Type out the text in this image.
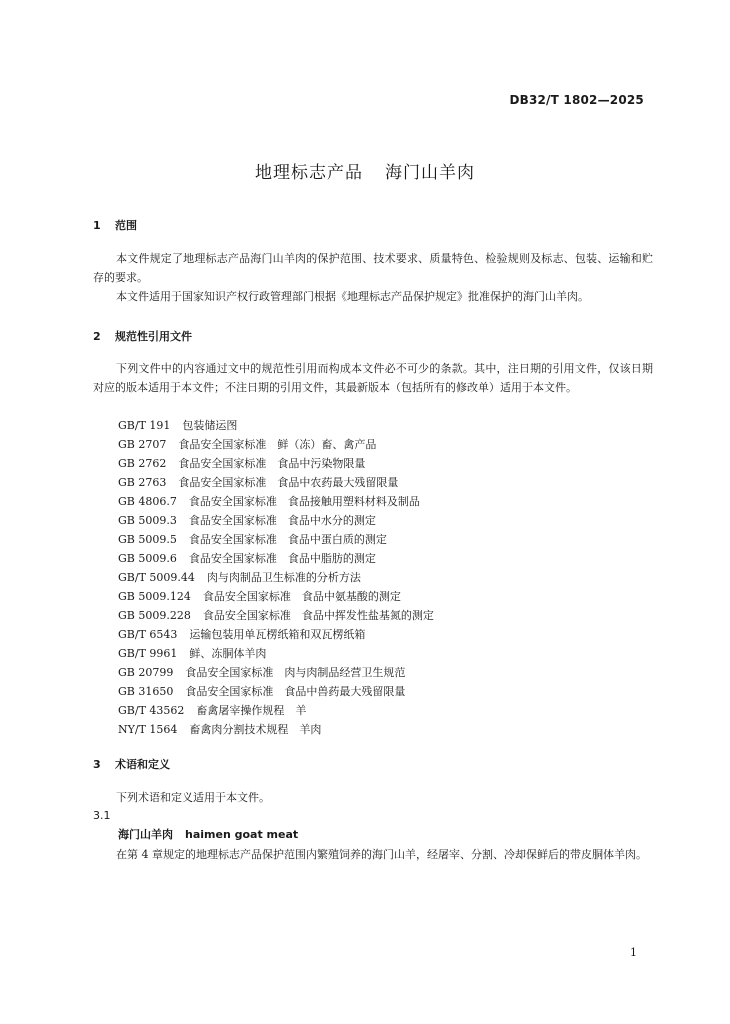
DB32/T 1802—2025
地理标志产品 海门山羊肉
1 范围
本文件规定了地理标志产品海门山羊肉的保护范围、技术要求、质量特色、检验规则及标志、包装、运输和贮存的要求。
本文件适用于国家知识产权行政管理部门根据《地理标志产品保护规定》批准保护的海门山羊肉。
2 规范性引用文件
下列文件中的内容通过文中的规范性引用而构成本文件必不可少的条款。其中，注日期的引用文件，仅该日期对应的版本适用于本文件；不注日期的引用文件，其最新版本（包括所有的修改单）适用于本文件。
GB/T 191 包装储运图
GB 2707 食品安全国家标准　鲜（冻）畜、禽产品
GB 2762 食品安全国家标准　食品中污染物限量
GB 2763 食品安全国家标准　食品中农药最大残留限量
GB 4806.7 食品安全国家标准　食品接触用塑料材料及制品
GB 5009.3 食品安全国家标准　食品中水分的测定
GB 5009.5 食品安全国家标准　食品中蛋白质的测定
GB 5009.6 食品安全国家标准　食品中脂肪的测定
GB/T 5009.44 肉与肉制品卫生标准的分析方法
GB 5009.124 食品安全国家标准　食品中氨基酸的测定
GB 5009.228 食品安全国家标准　食品中挥发性盐基氮的测定
GB/T 6543 运输包装用单瓦楞纸箱和双瓦楞纸箱
GB/T 9961 鲜、冻胴体羊肉
GB 20799 食品安全国家标准　肉与肉制品经营卫生规范
GB 31650 食品安全国家标准　食品中兽药最大残留限量
GB/T 43562 畜禽屠宰操作规程　羊
NY/T 1564 畜禽肉分割技术规程　羊肉
3 术语和定义
下列术语和定义适用于本文件。
3.1
海门山羊肉 haimen goat meat
在第 4 章规定的地理标志产品保护范围内繁殖饲养的海门山羊，经屠宰、分割、冷却保鲜后的带皮胴体羊肉。
1
